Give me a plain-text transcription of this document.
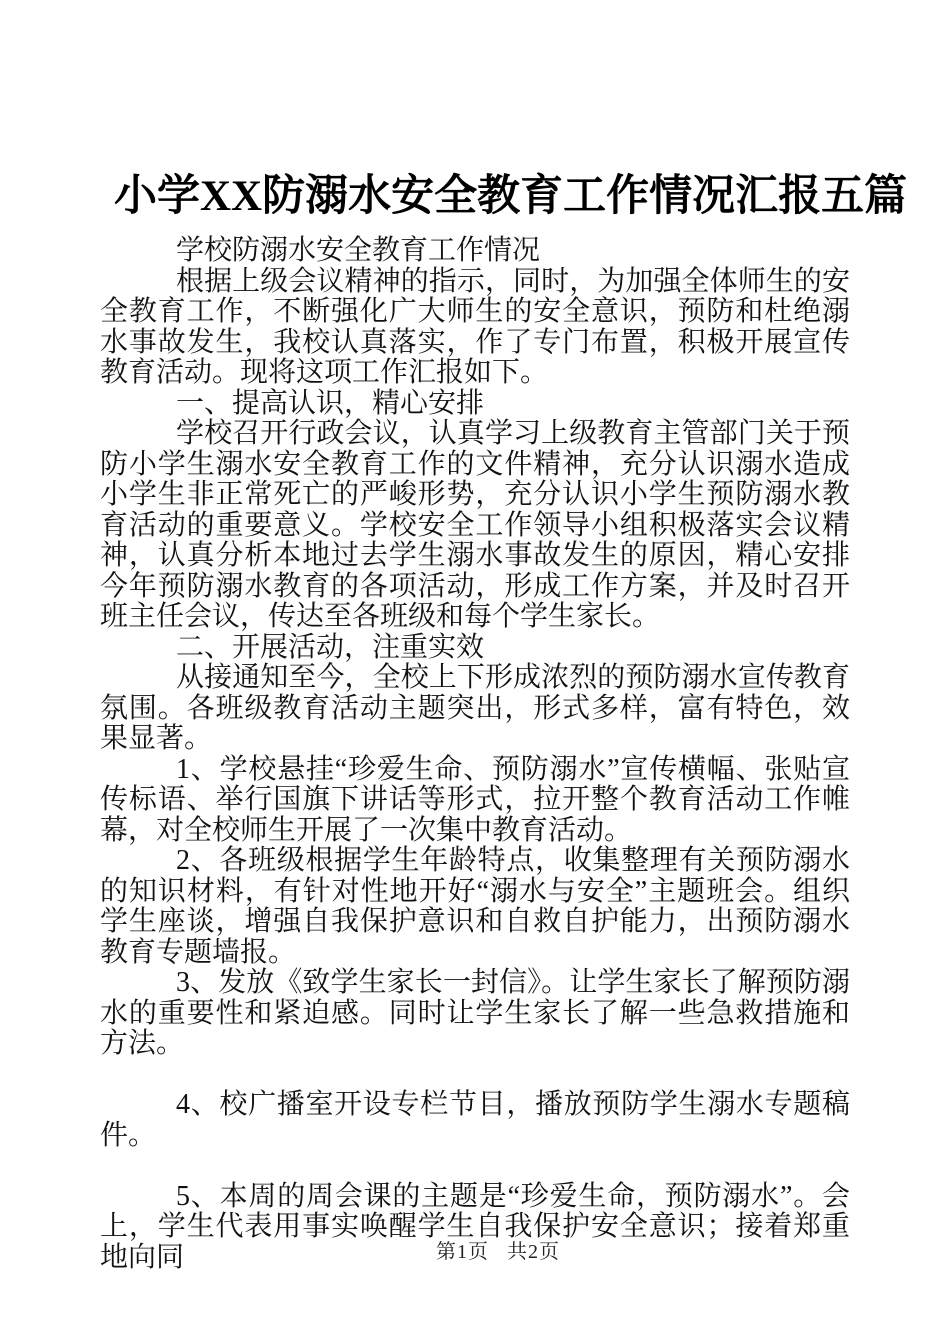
小学XX防溺水安全教育工作情况汇报五篇

学校防溺水安全教育工作情况

根据上级会议精神的指示，同时，为加强全体师生的安全教育工作，不断强化广大师生的安全意识，预防和杜绝溺水事故发生，我校认真落实，作了专门布置，积极开展宣传教育活动。现将这项工作汇报如下。

一、提高认识，精心安排

学校召开行政会议，认真学习上级教育主管部门关于预防小学生溺水安全教育工作的文件精神，充分认识溺水造成小学生非正常死亡的严峻形势，充分认识小学生预防溺水教育活动的重要意义。学校安全工作领导小组积极落实会议精神，认真分析本地过去学生溺水事故发生的原因，精心安排今年预防溺水教育的各项活动，形成工作方案，并及时召开班主任会议，传达至各班级和每个学生家长。

二、开展活动，注重实效

从接通知至今，全校上下形成浓烈的预防溺水宣传教育氛围。各班级教育活动主题突出，形式多样，富有特色，效果显著。

1、学校悬挂“珍爱生命、预防溺水”宣传横幅、张贴宣传标语、举行国旗下讲话等形式，拉开整个教育活动工作帷幕，对全校师生开展了一次集中教育活动。

2、各班级根据学生年龄特点，收集整理有关预防溺水的知识材料，有针对性地开好“溺水与安全”主题班会。组织学生座谈，增强自我保护意识和自救自护能力，出预防溺水教育专题墙报。

3、发放《致学生家长一封信》。让学生家长了解预防溺水的重要性和紧迫感。同时让学生家长了解一些急救措施和方法。

4、校广播室开设专栏节目，播放预防学生溺水专题稿件。

5、本周的周会课的主题是“珍爱生命，预防溺水”。会上，学生代表用事实唤醒学生自我保护安全意识；接着郑重地向同	第1页 共2页
